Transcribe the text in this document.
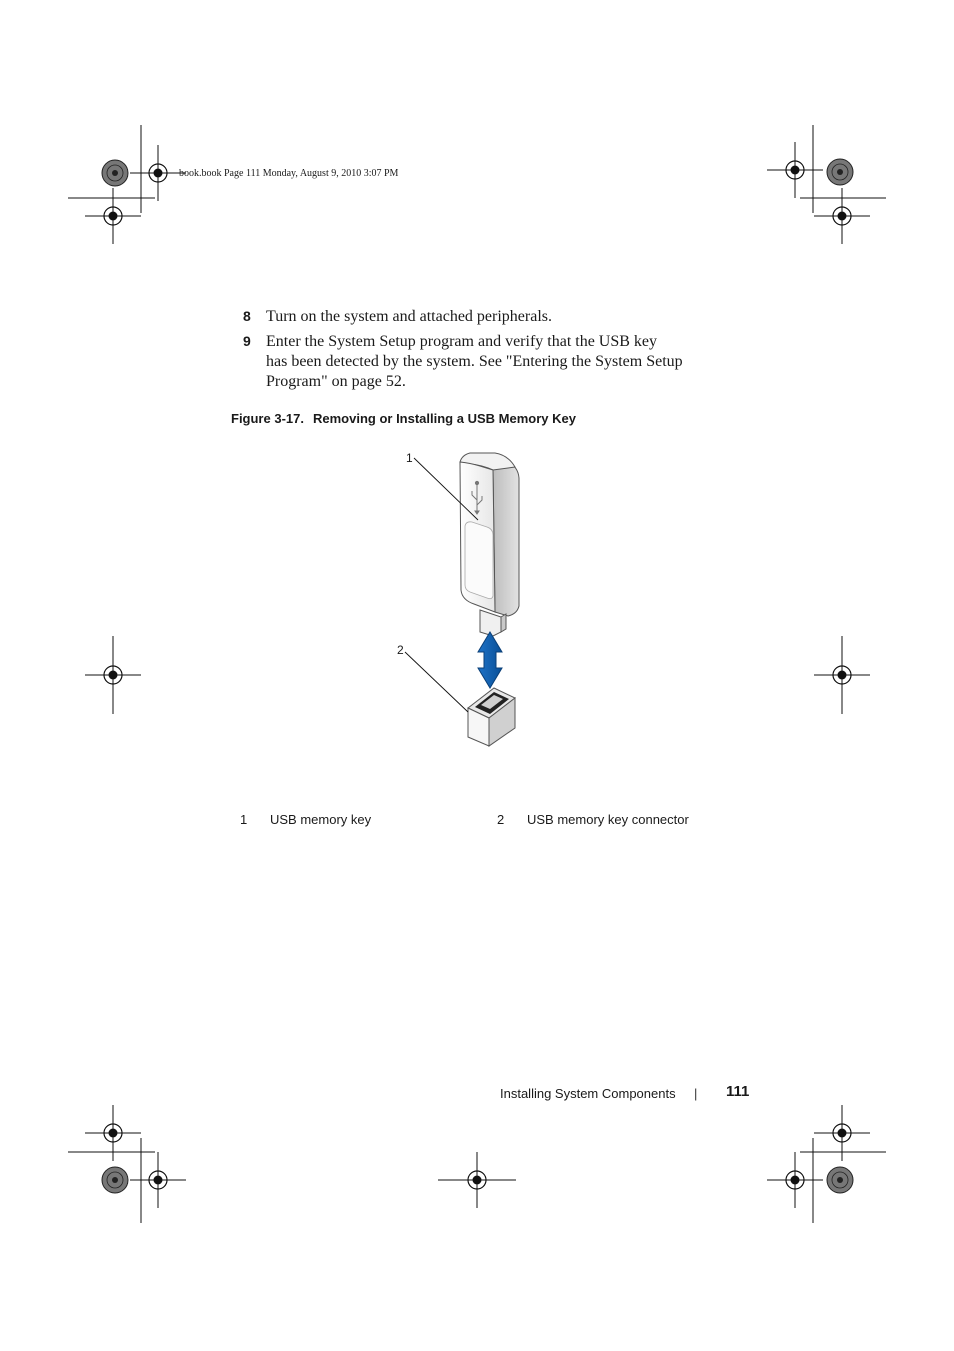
book.book Page 111 Monday, August 9, 2010 3:07 PM
8 Turn on the system and attached peripherals.
9 Enter the System Setup program and verify that the USB key
has been detected by the system. See "Entering the System Setup
Program" on page 52.
Figure 3-17. Removing or Installing a USB Memory Key
1
2
1 USB memory key	2 USB memory key connector
Installing System Components | 111
